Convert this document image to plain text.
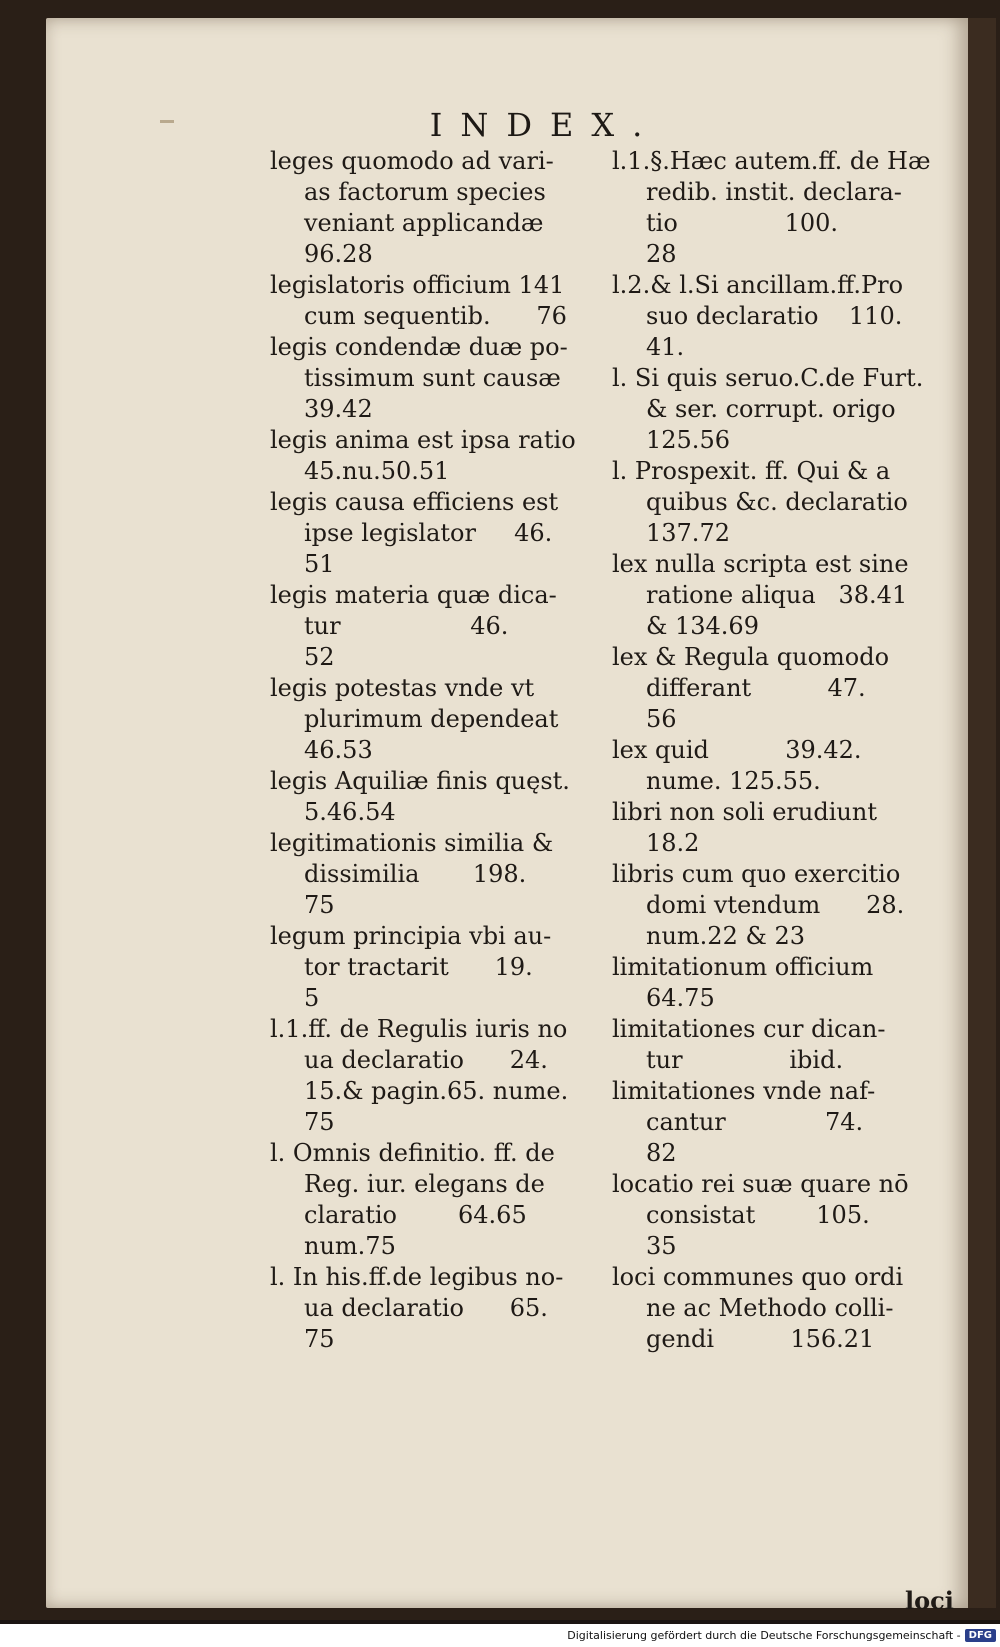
INDEX.
leges quomodo ad vari-
as factorum species
veniant applicandæ
96.28
legislatoris officium 141
cum sequentib.      76
legis condendæ duæ po-
tissimum sunt causæ
39.42
legis anima est ipsa ratio
45.nu.50.51
legis causa efficiens est
ipse legislator     46.
51
legis materia quæ dica-
tur                 46.
52
legis potestas vnde vt
plurimum dependeat
46.53
legis Aquiliæ finis quęst.
5.46.54
legitimationis similia &
dissimilia       198.
75
legum principia vbi au-
tor tractarit      19.
5
l.1.ff. de Regulis iuris no
ua declaratio      24.
15.& pagin.65. nume.
75
l. Omnis definitio. ff. de
Reg. iur. elegans de
claratio        64.65
num.75
l. In his.ff.de legibus no-
ua declaratio      65.
75
l.1.§.Hæc autem.ff. de Hæ
redib. instit. declara-
tio              100.
28
l.2.& l.Si ancillam.ff.Pro
suo declaratio    110.
41.
l. Si quis seruo.C.de Furt.
& ser. corrupt. origo
125.56
l. Prospexit. ff. Qui & a
quibus &c. declaratio
137.72
lex nulla scripta est sine
ratione aliqua   38.41
& 134.69
lex & Regula quomodo
differant          47.
56
lex quid          39.42.
nume. 125.55.
libri non soli erudiunt
18.2
libris cum quo exercitio
domi vtendum      28.
num.22 & 23
limitationum officium
64.75
limitationes cur dican-
tur              ibid.
limitationes vnde naf-
cantur             74.
82
locatio rei suæ quare nō
consistat        105.
35
loci communes quo ordi
ne ac Methodo colli-
gendi          156.21
loci
Digitalisierung gefördert durch die Deutsche Forschungsgemeinschaft - DFG
